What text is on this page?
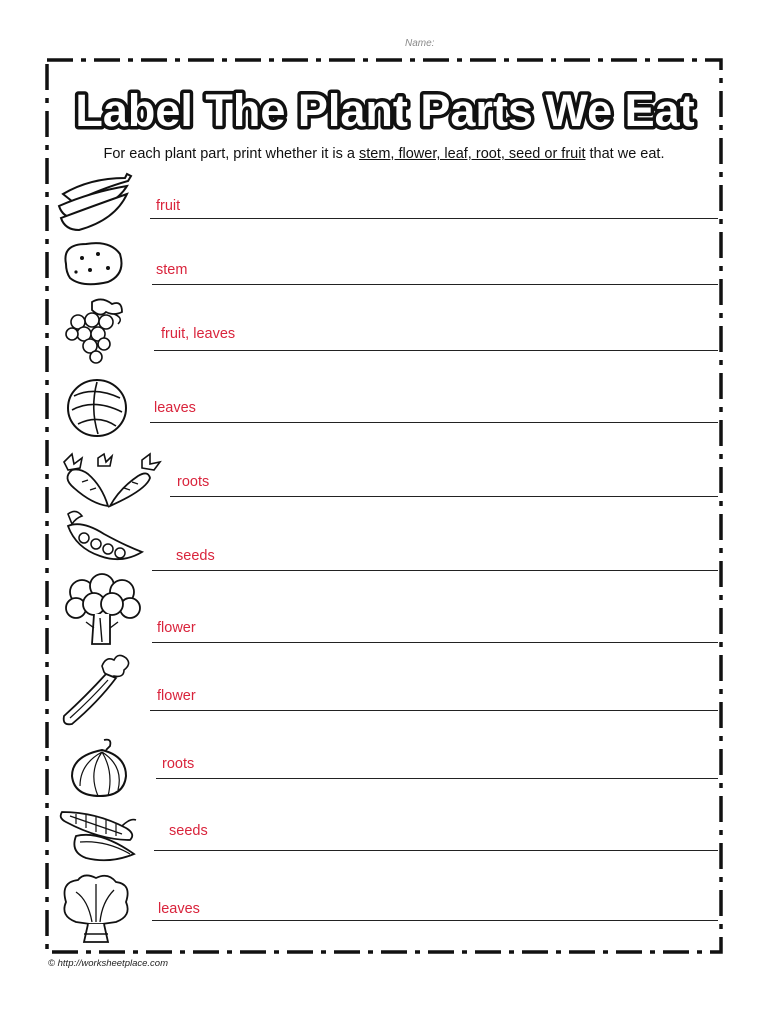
Name:
Label The Plant Parts We Eat
For each plant part, print whether it is a stem, flower, leaf, root, seed or fruit that we eat.
fruit
stem
fruit, leaves
leaves
roots
seeds
flower
flower
roots
seeds
leaves
© http://worksheetplace.com
